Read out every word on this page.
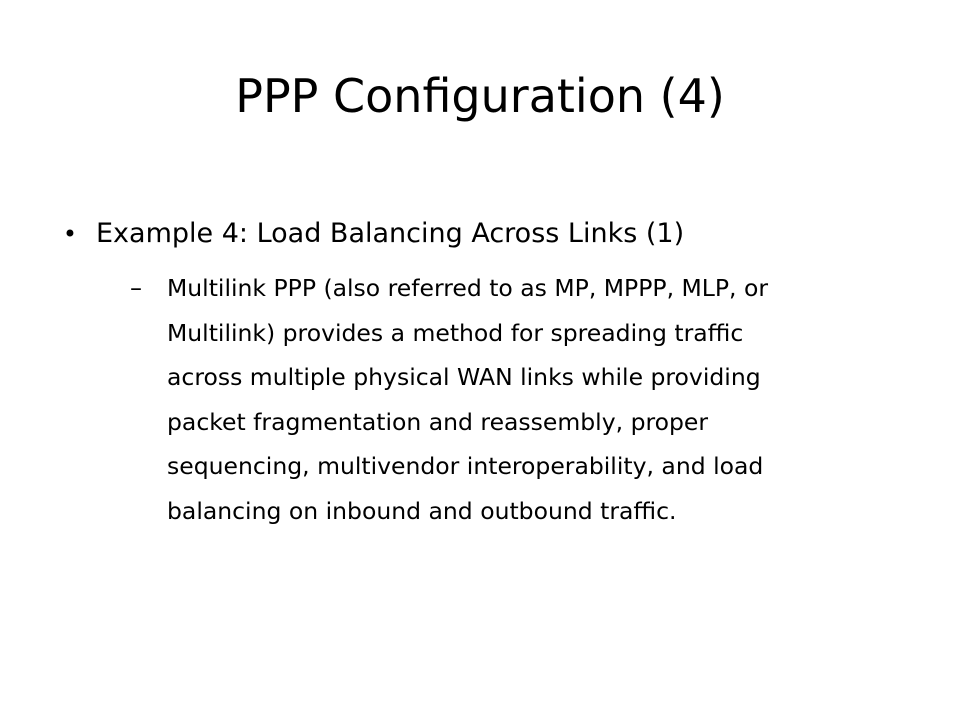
PPP Configuration (4)
• Example 4: Load Balancing Across Links (1)
– Multilink PPP (also referred to as MP, MPPP, MLP, or
Multilink) provides a method for spreading traffic
across multiple physical WAN links while providing
packet fragmentation and reassembly, proper
sequencing, multivendor interoperability, and load
balancing on inbound and outbound traffic.
